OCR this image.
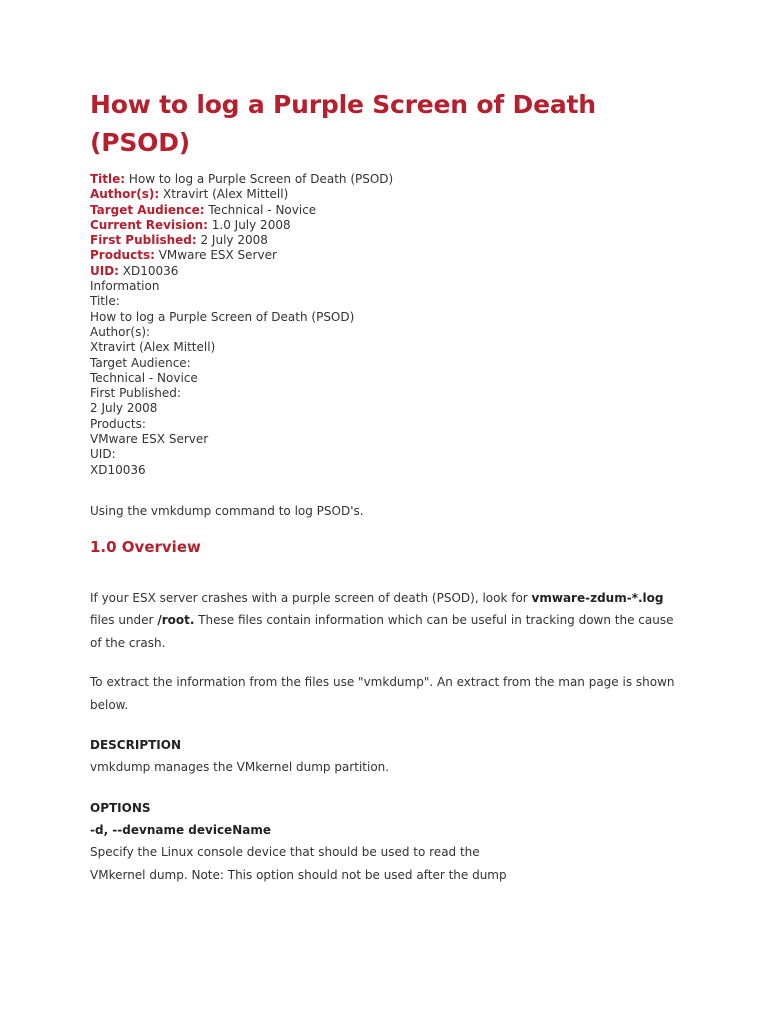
How to log a Purple Screen of Death
(PSOD)
Title: How to log a Purple Screen of Death (PSOD)
Author(s): Xtravirt (Alex Mittell)
Target Audience: Technical - Novice
Current Revision: 1.0 July 2008
First Published: 2 July 2008
Products: VMware ESX Server
UID: XD10036
Information
Title:
How to log a Purple Screen of Death (PSOD)
Author(s):
Xtravirt (Alex Mittell)
Target Audience:
Technical - Novice
First Published:
2 July 2008
Products:
VMware ESX Server
UID:
XD10036
Using the vmkdump command to log PSOD's.
1.0 Overview

If your ESX server crashes with a purple screen of death (PSOD), look for vmware-zdum-*.log files under /root. These files contain information which can be useful in tracking down the cause of the crash.

To extract the information from the files use "vmkdump". An extract from the man page is shown below.

DESCRIPTION
vmkdump manages the VMkernel dump partition.
OPTIONS
-d, --devname deviceName
Specify the Linux console device that should be used to read the
VMkernel dump. Note: This option should not be used after the dump
